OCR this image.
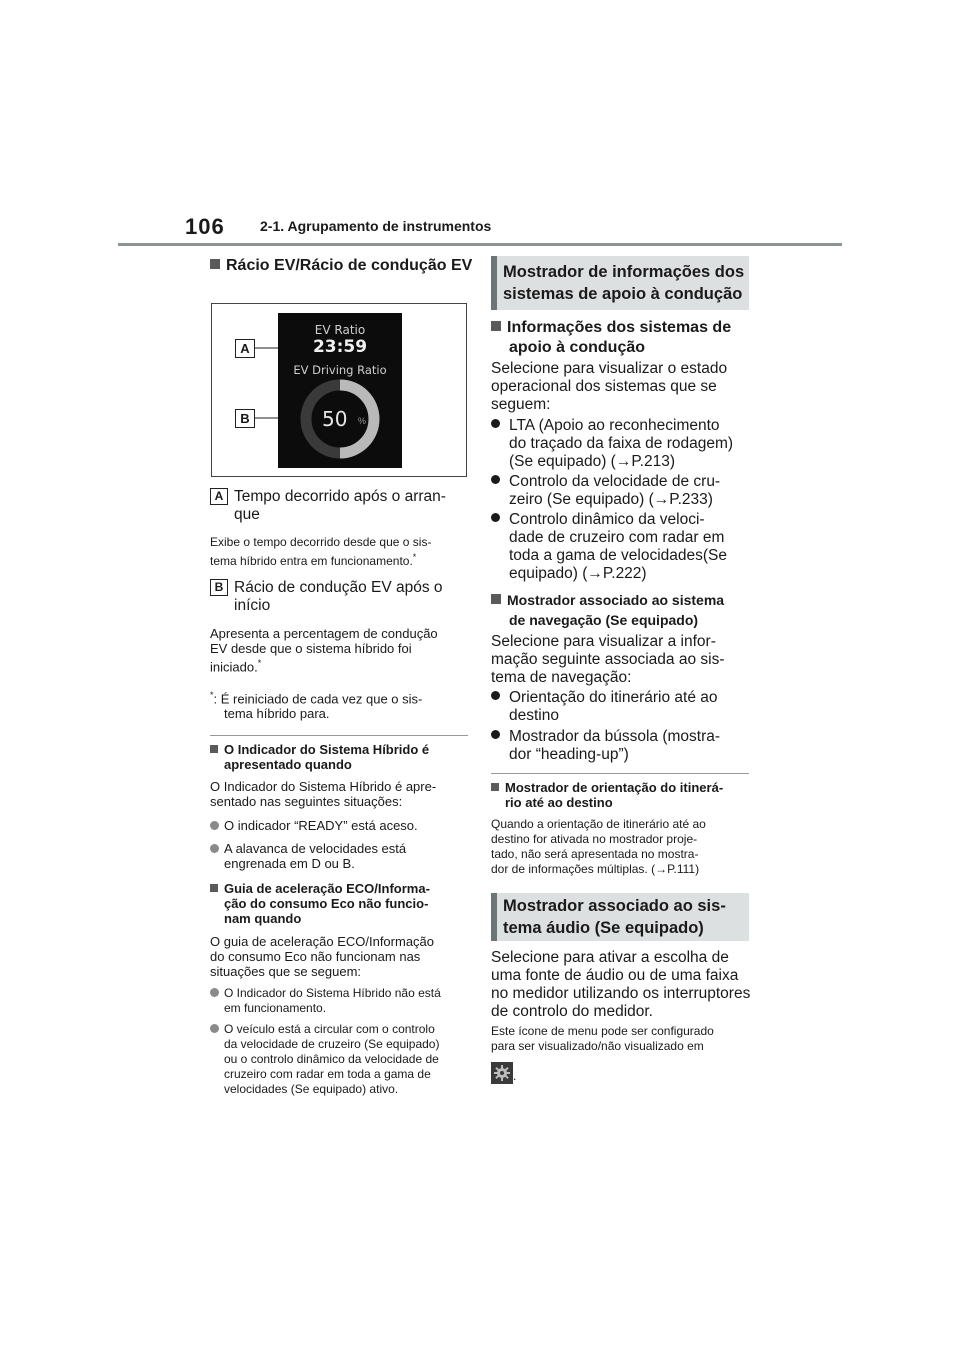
106	2-1. Agrupamento de instrumentos
Rácio EV/Rácio de condução EV
A
B
EV Ratio
23:59
EV Driving Ratio
50 %
A Tempo decorrido após o arran-
que
Exibe o tempo decorrido desde que o sis-
tema híbrido entra em funcionamento.*
B Rácio de condução EV após o
início
Apresenta a percentagem de condução
EV desde que o sistema híbrido foi
iniciado.*
*: É reiniciado de cada vez que o sis-
tema híbrido para.
O Indicador do Sistema Híbrido é
apresentado quando
O Indicador do Sistema Híbrido é apre-
sentado nas seguintes situações:
O indicador “READY” está aceso.
A alavanca de velocidades está
engrenada em D ou B.
Guia de aceleração ECO/Informa-
ção do consumo Eco não funcio-
nam quando
O guia de aceleração ECO/Informação
do consumo Eco não funcionam nas
situações que se seguem:
O Indicador do Sistema Híbrido não está
em funcionamento.
O veículo está a circular com o controlo
da velocidade de cruzeiro (Se equipado)
ou o controlo dinâmico da velocidade de
cruzeiro com radar em toda a gama de
velocidades (Se equipado) ativo.
Mostrador de informações dos
sistemas de apoio à condução
Informações dos sistemas de
apoio à condução
Selecione para visualizar o estado
operacional dos sistemas que se
seguem:
LTA (Apoio ao reconhecimento
do traçado da faixa de rodagem)
(Se equipado) (→P.213)
Controlo da velocidade de cru-
zeiro (Se equipado) (→P.233)
Controlo dinâmico da veloci-
dade de cruzeiro com radar em
toda a gama de velocidades(Se
equipado) (→P.222)
Mostrador associado ao sistema
de navegação (Se equipado)
Selecione para visualizar a infor-
mação seguinte associada ao sis-
tema de navegação:
Orientação do itinerário até ao
destino
Mostrador da bússola (mostra-
dor “heading-up”)
Mostrador de orientação do itinerá-
rio até ao destino
Quando a orientação de itinerário até ao
destino for ativada no mostrador proje-
tado, não será apresentada no mostra-
dor de informações múltiplas. (→P.111)
Mostrador associado ao sis-
tema áudio (Se equipado)
Selecione para ativar a escolha de
uma fonte de áudio ou de uma faixa
no medidor utilizando os interruptores
de controlo do medidor.
Este ícone de menu pode ser configurado
para ser visualizado/não visualizado em
.
